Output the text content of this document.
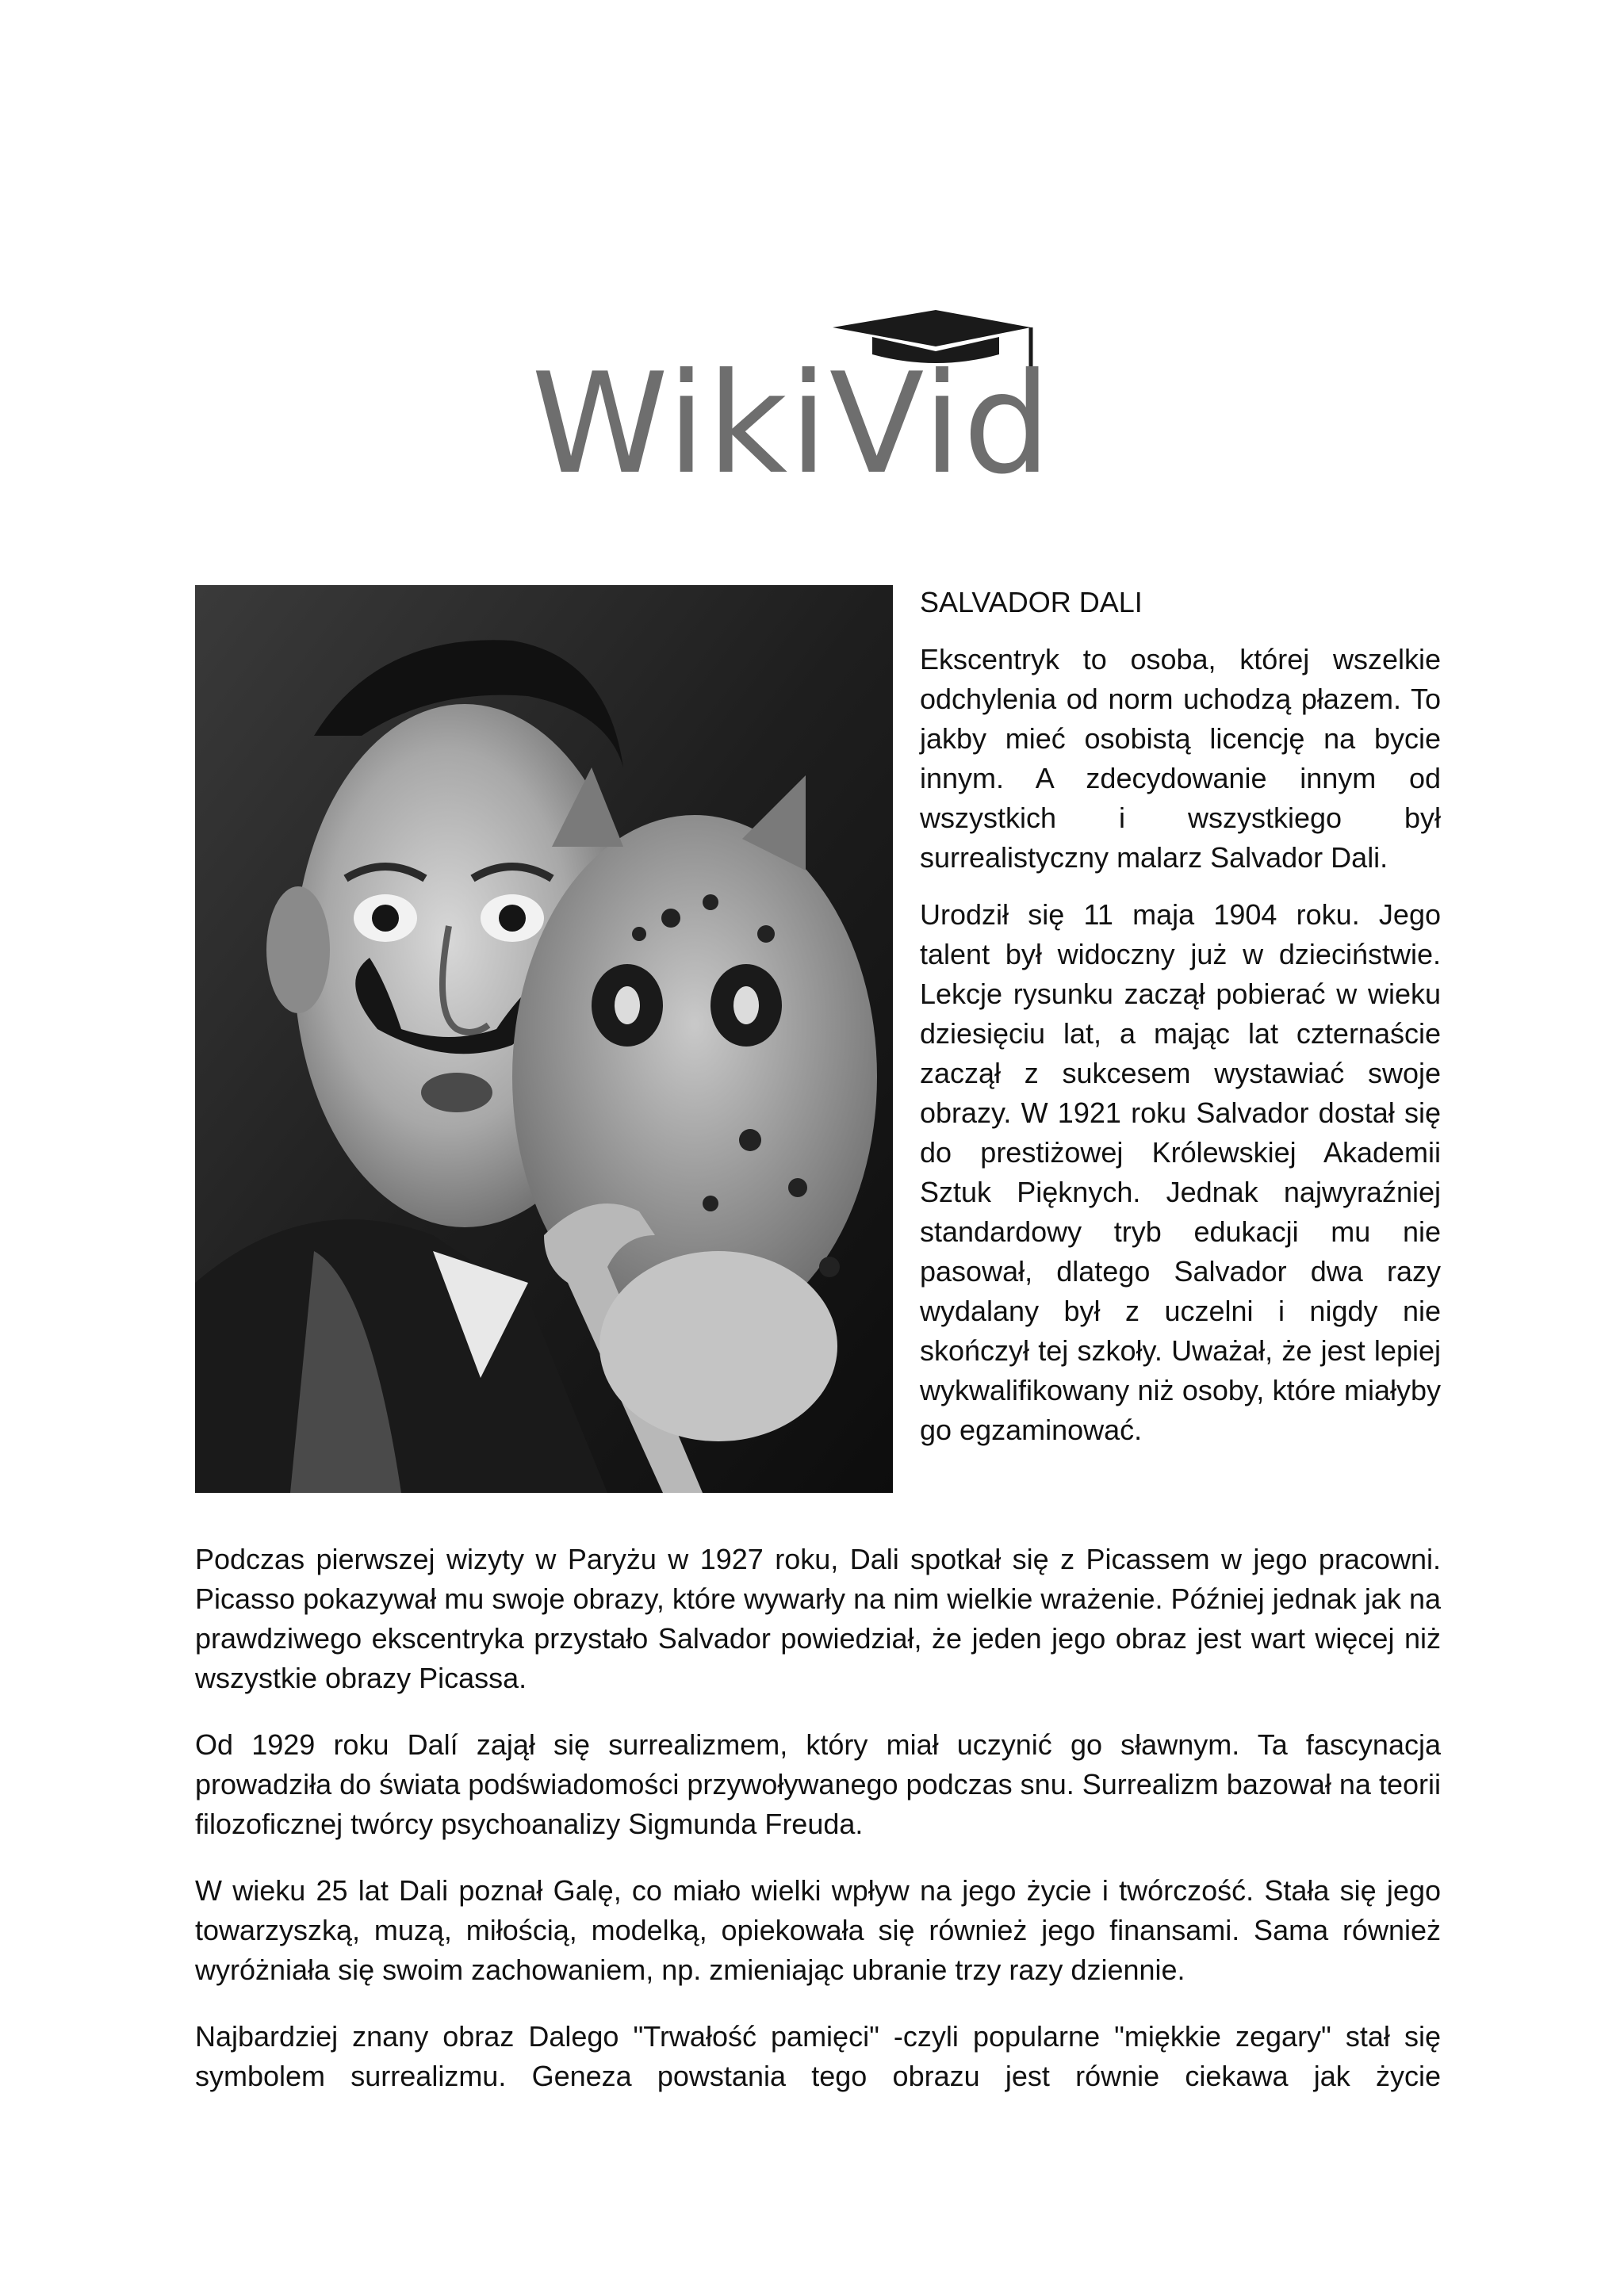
WikiVid

SALVADOR DALI

Ekscentryk to osoba, której wszelkie odchylenia od norm uchodzą płazem. To jakby mieć osobistą licencję na bycie innym. A zdecydowanie innym od wszystkich i wszystkiego był surrealistyczny malarz Salvador Dali.

Urodził się 11 maja 1904 roku. Jego talent był widoczny już w dzieciństwie. Lekcje rysunku zaczął pobierać w wieku dziesięciu lat, a mając lat czternaście zaczął z sukcesem wystawiać swoje obrazy. W 1921 roku Salvador dostał się do prestiżowej Królewskiej Akademii Sztuk Pięknych. Jednak najwyraźniej standardowy tryb edukacji mu nie pasował, dlatego Salvador dwa razy wydalany był z uczelni i nigdy nie skończył tej szkoły. Uważał, że jest lepiej wykwalifikowany niż osoby, które miałyby go egzaminować.

Podczas pierwszej wizyty w Paryżu w 1927 roku, Dali spotkał się z Picassem w jego pracowni. Picasso pokazywał mu swoje obrazy, które wywarły na nim wielkie wrażenie. Później jednak jak na prawdziwego ekscentryka przystało Salvador powiedział, że jeden jego obraz jest wart więcej niż wszystkie obrazy Picassa.

Od 1929 roku Dalí zajął się surrealizmem, który miał uczynić go sławnym. Ta fascynacja prowadziła do świata podświadomości przywoływanego podczas snu. Surrealizm bazował na teorii filozoficznej twórcy psychoanalizy Sigmunda Freuda.

W wieku 25 lat Dali poznał Galę, co miało wielki wpływ na jego życie i twórczość. Stała się jego towarzyszką, muzą, miłością, modelką, opiekowała się również jego finansami. Sama również wyróżniała się swoim zachowaniem, np. zmieniając ubranie trzy razy dziennie.

Najbardziej znany obraz Dalego "Trwałość pamięci" -czyli popularne "miękkie zegary" stał się symbolem surrealizmu. Geneza powstania tego obrazu jest równie ciekawa jak życie
